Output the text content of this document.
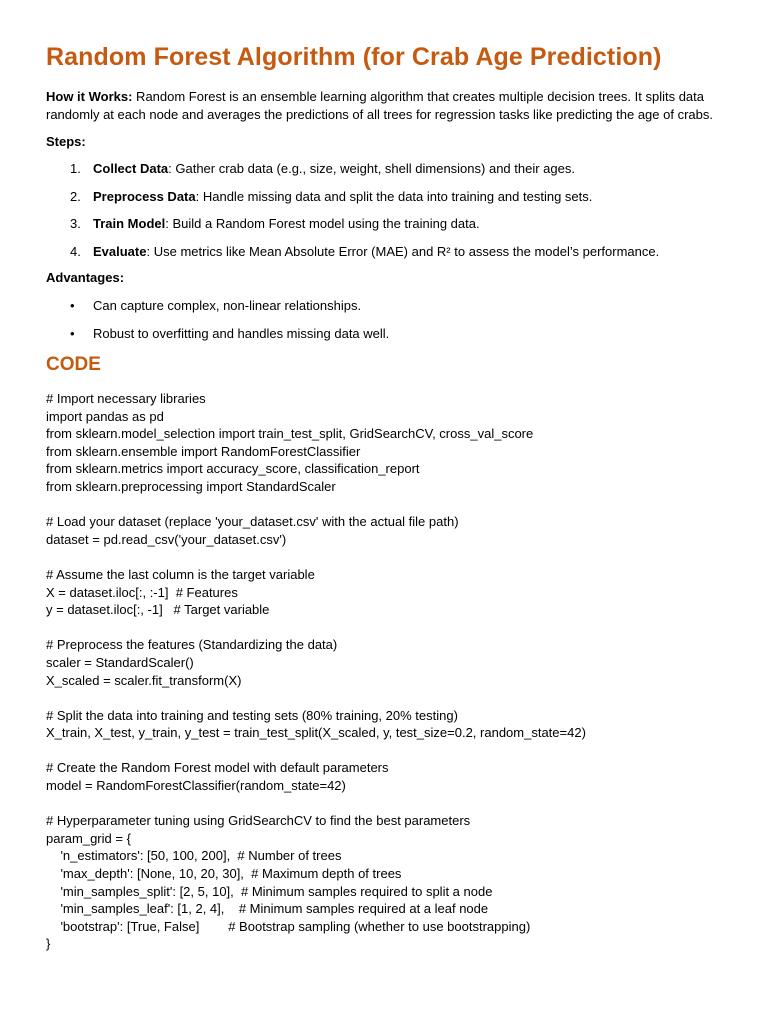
Random Forest Algorithm (for Crab Age Prediction)
How it Works: Random Forest is an ensemble learning algorithm that creates multiple decision trees. It splits data randomly at each node and averages the predictions of all trees for regression tasks like predicting the age of crabs.
Steps:
1. Collect Data: Gather crab data (e.g., size, weight, shell dimensions) and their ages.
2. Preprocess Data: Handle missing data and split the data into training and testing sets.
3. Train Model: Build a Random Forest model using the training data.
4. Evaluate: Use metrics like Mean Absolute Error (MAE) and R² to assess the model’s performance.
Advantages:
• Can capture complex, non-linear relationships.
• Robust to overfitting and handles missing data well.
CODE
# Import necessary libraries
import pandas as pd
from sklearn.model_selection import train_test_split, GridSearchCV, cross_val_score
from sklearn.ensemble import RandomForestClassifier
from sklearn.metrics import accuracy_score, classification_report
from sklearn.preprocessing import StandardScaler
# Load your dataset (replace 'your_dataset.csv' with the actual file path)
dataset = pd.read_csv('your_dataset.csv')
# Assume the last column is the target variable
X = dataset.iloc[:, :-1]  # Features
y = dataset.iloc[:, -1]   # Target variable
# Preprocess the features (Standardizing the data)
scaler = StandardScaler()
X_scaled = scaler.fit_transform(X)
# Split the data into training and testing sets (80% training, 20% testing)
X_train, X_test, y_train, y_test = train_test_split(X_scaled, y, test_size=0.2, random_state=42)
# Create the Random Forest model with default parameters
model = RandomForestClassifier(random_state=42)
# Hyperparameter tuning using GridSearchCV to find the best parameters
param_grid = {
'n_estimators': [50, 100, 200],  # Number of trees
'max_depth': [None, 10, 20, 30],  # Maximum depth of trees
'min_samples_split': [2, 5, 10],  # Minimum samples required to split a node
'min_samples_leaf': [1, 2, 4],    # Minimum samples required at a leaf node
'bootstrap': [True, False]        # Bootstrap sampling (whether to use bootstrapping)
}
